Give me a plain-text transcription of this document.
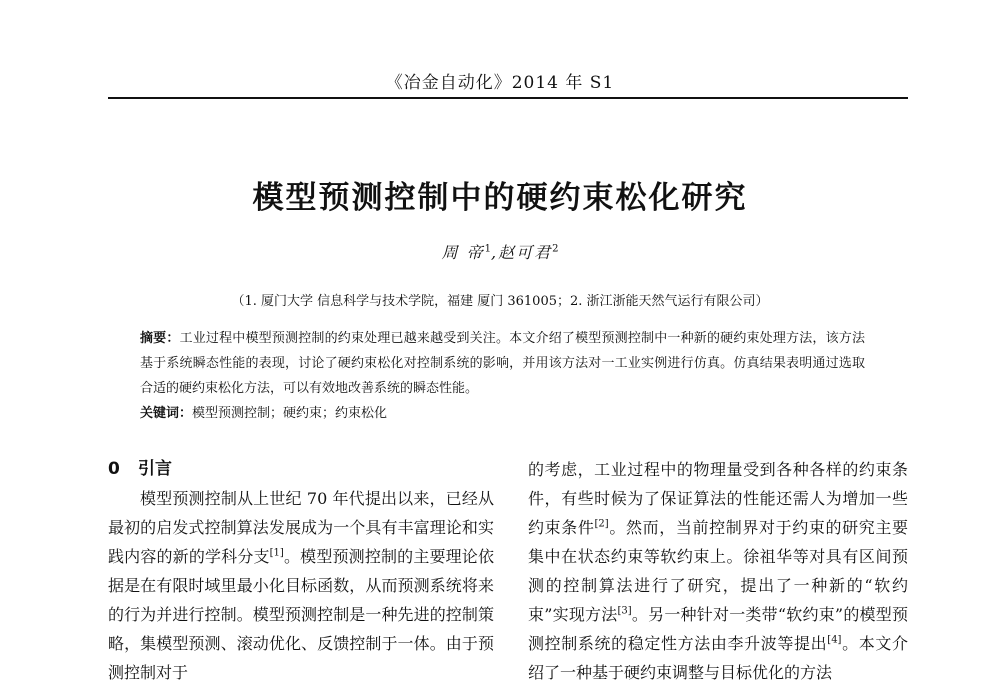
《冶金自动化》2014 年 S1
模型预测控制中的硬约束松化研究
周 帝$^1$,赵可君$^2$
（1. 厦门大学 信息科学与技术学院，福建 厦门 361005；2. 浙江浙能天然气运行有限公司）
摘要：工业过程中模型预测控制的约束处理已越来越受到关注。本文介绍了模型预测控制中一种新的硬约束处理方法，该方法基于系统瞬态性能的表现，讨论了硬约束松化对控制系统的影响，并用该方法对一工业实例进行仿真。仿真结果表明通过选取合适的硬约束松化方法，可以有效地改善系统的瞬态性能。
关键词：模型预测控制；硬约束；约束松化

0 引言

模型预测控制从上世纪 70 年代提出以来，已经从最初的启发式控制算法发展成为一个具有丰富理论和实践内容的新的学科分支[1]。模型预测控制的主要理论依据是在有限时域里最小化目标函数，从而预测系统将来的行为并进行控制。模型预测控制是一种先进的控制策略，集模型预测、滚动优化、反馈控制于一体。由于预测控制对于

的考虑，工业过程中的物理量受到各种各样的约束条件，有些时候为了保证算法的性能还需人为增加一些约束条件[2]。然而，当前控制界对于约束的研究主要集中在状态约束等软约束上。徐祖华等对具有区间预测的控制算法进行了研究，提出了一种新的“软约束”实现方法[3]。另一种针对一类带“软约束”的模型预测控制系统的稳定性方法由李升波等提出[4]。本文介绍了一种基于硬约束调整与目标优化的方法
